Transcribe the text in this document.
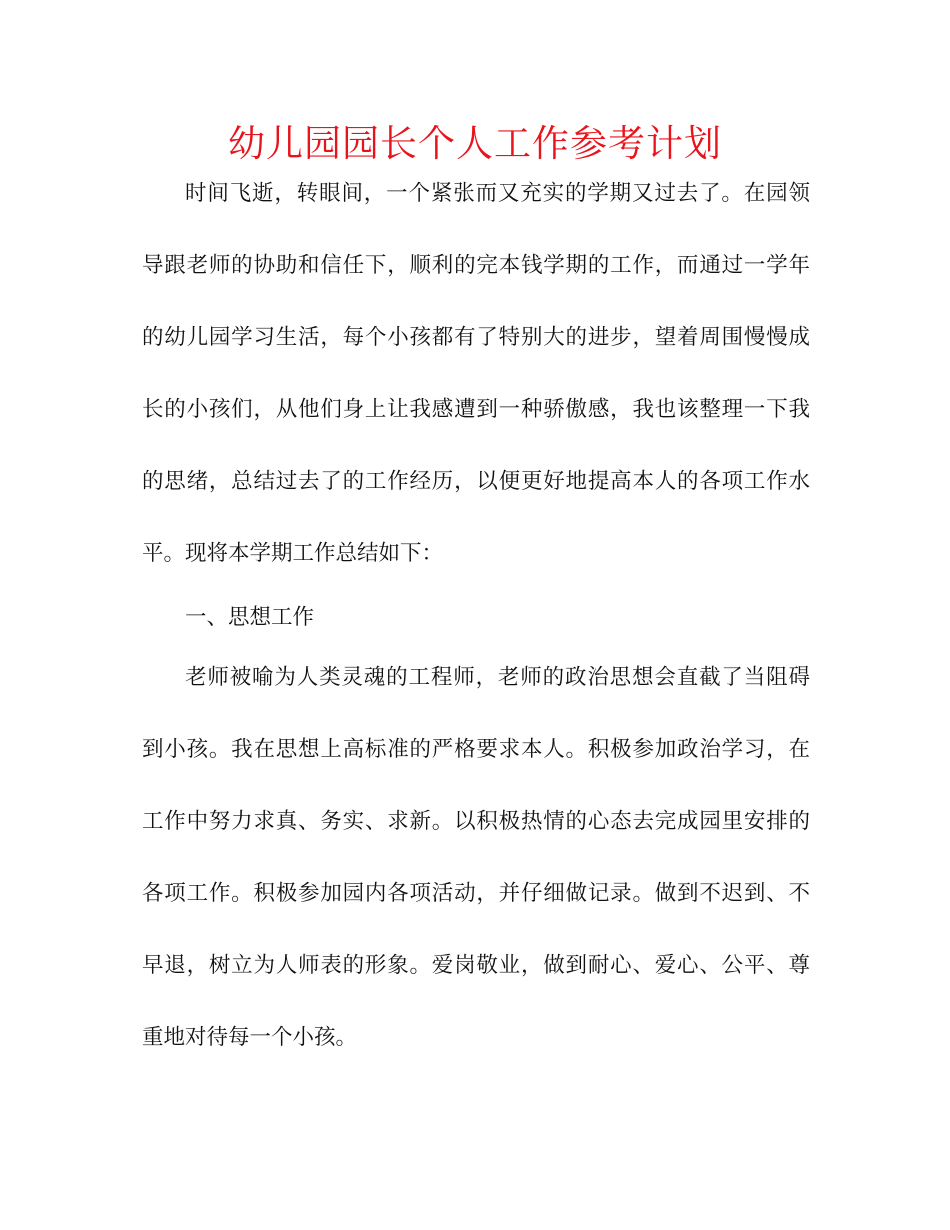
幼儿园园长个人工作参考计划

时间飞逝，转眼间，一个紧张而又充实的学期又过去了。在园领

导跟老师的协助和信任下，顺利的完本钱学期的工作，而通过一学年

的幼儿园学习生活，每个小孩都有了特别大的进步，望着周围慢慢成

长的小孩们，从他们身上让我感遭到一种骄傲感，我也该整理一下我

的思绪，总结过去了的工作经历，以便更好地提高本人的各项工作水

平。现将本学期工作总结如下：

一、思想工作

老师被喻为人类灵魂的工程师，老师的政治思想会直截了当阻碍

到小孩。我在思想上高标准的严格要求本人。积极参加政治学习，在

工作中努力求真、务实、求新。以积极热情的心态去完成园里安排的

各项工作。积极参加园内各项活动，并仔细做记录。做到不迟到、不

早退，树立为人师表的形象。爱岗敬业，做到耐心、爱心、公平、尊

重地对待每一个小孩。
